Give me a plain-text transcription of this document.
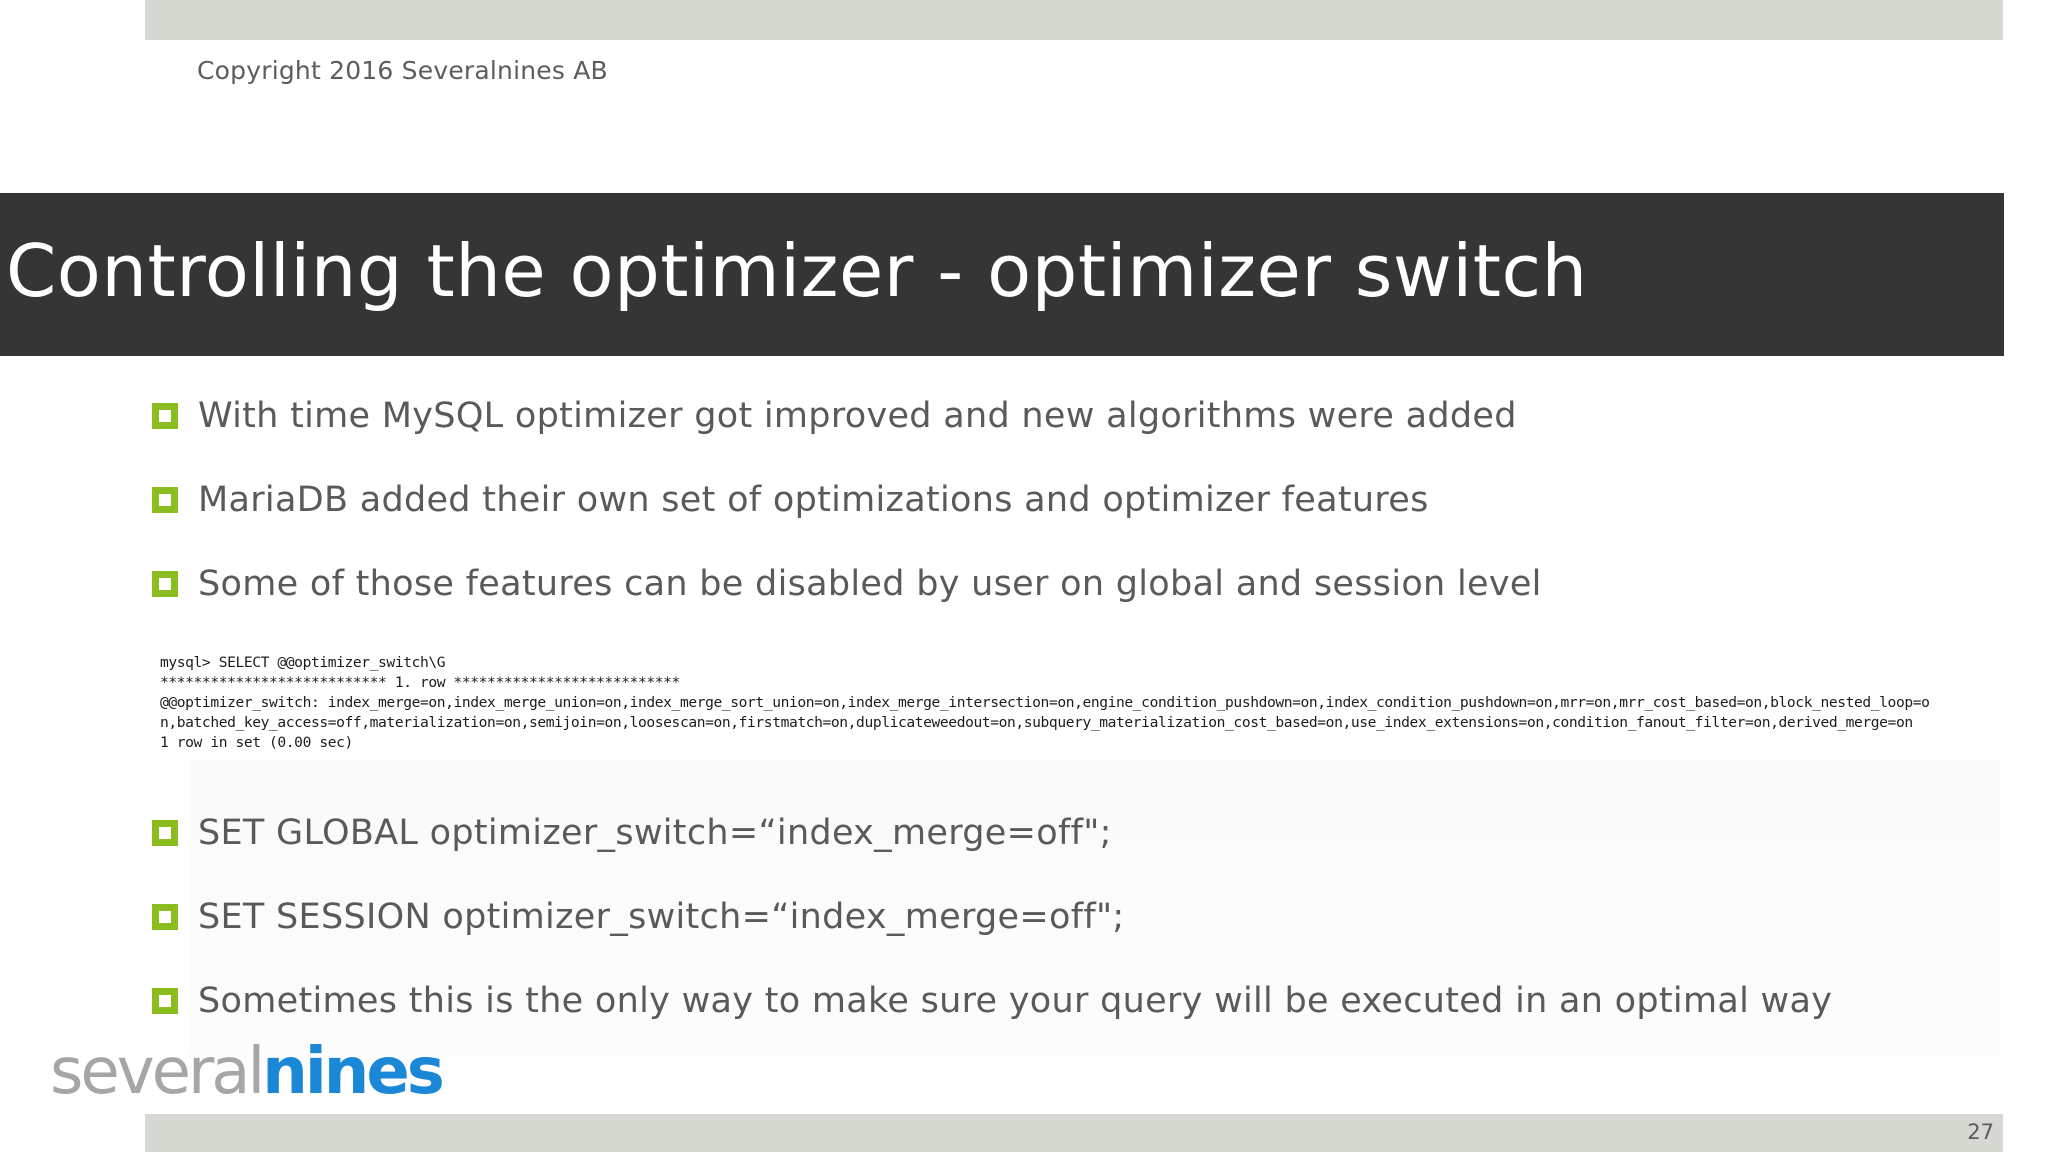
Copyright 2016 Severalnines AB
Controlling the optimizer - optimizer switch
With time MySQL optimizer got improved and new algorithms were added
MariaDB added their own set of optimizations and optimizer features
Some of those features can be disabled by user on global and session level
mysql> SELECT @@optimizer_switch\G
*************************** 1. row ***************************
@@optimizer_switch: index_merge=on,index_merge_union=on,index_merge_sort_union=on,index_merge_intersection=on,engine_condition_pushdown=on,index_condition_pushdown=on,mrr=on,mrr_cost_based=on,block_nested_loop=o
n,batched_key_access=off,materialization=on,semijoin=on,loosescan=on,firstmatch=on,duplicateweedout=on,subquery_materialization_cost_based=on,use_index_extensions=on,condition_fanout_filter=on,derived_merge=on
1 row in set (0.00 sec)
SET GLOBAL optimizer_switch=“index_merge=off";
SET SESSION optimizer_switch=“index_merge=off";
Sometimes this is the only way to make sure your query will be executed in an optimal way
several nines
27
